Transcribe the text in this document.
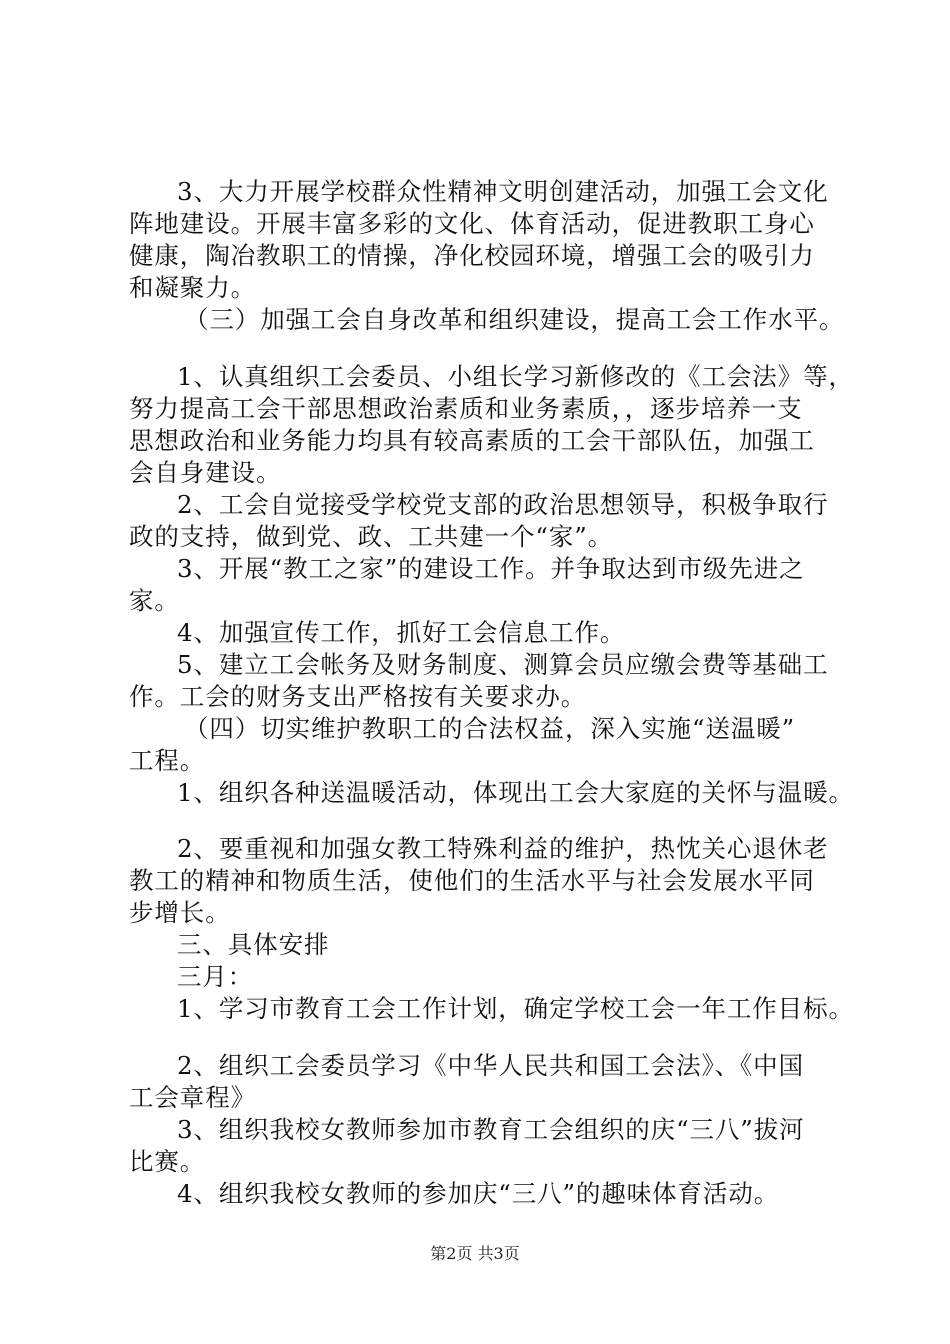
3、大力开展学校群众性精神文明创建活动，加强工会文化
阵地建设。开展丰富多彩的文化、体育活动，促进教职工身心
健康，陶冶教职工的情操，净化校园环境，增强工会的吸引力
和凝聚力。
（三）加强工会自身改革和组织建设，提高工会工作水平。
1、认真组织工会委员、小组长学习新修改的《工会法》等，
努力提高工会干部思想政治素质和业务素质，，逐步培养一支
思想政治和业务能力均具有较高素质的工会干部队伍，加强工
会自身建设。
2、工会自觉接受学校党支部的政治思想领导，积极争取行
政的支持，做到党、政、工共建一个“家”。
3、开展“教工之家”的建设工作。并争取达到市级先进之
家。
4、加强宣传工作，抓好工会信息工作。
5、建立工会帐务及财务制度、测算会员应缴会费等基础工
作。工会的财务支出严格按有关要求办。
（四）切实维护教职工的合法权益，深入实施“送温暖”
工程。
1、组织各种送温暖活动，体现出工会大家庭的关怀与温暖。
2、要重视和加强女教工特殊利益的维护，热忱关心退休老
教工的精神和物质生活，使他们的生活水平与社会发展水平同
步增长。
三、具体安排
三月：
1、学习市教育工会工作计划，确定学校工会一年工作目标。
2、组织工会委员学习《中华人民共和国工会法》、《中国
工会章程》
3、组织我校女教师参加市教育工会组织的庆“三八”拔河
比赛。
4、组织我校女教师的参加庆“三八”的趣味体育活动。
第2页 共3页
